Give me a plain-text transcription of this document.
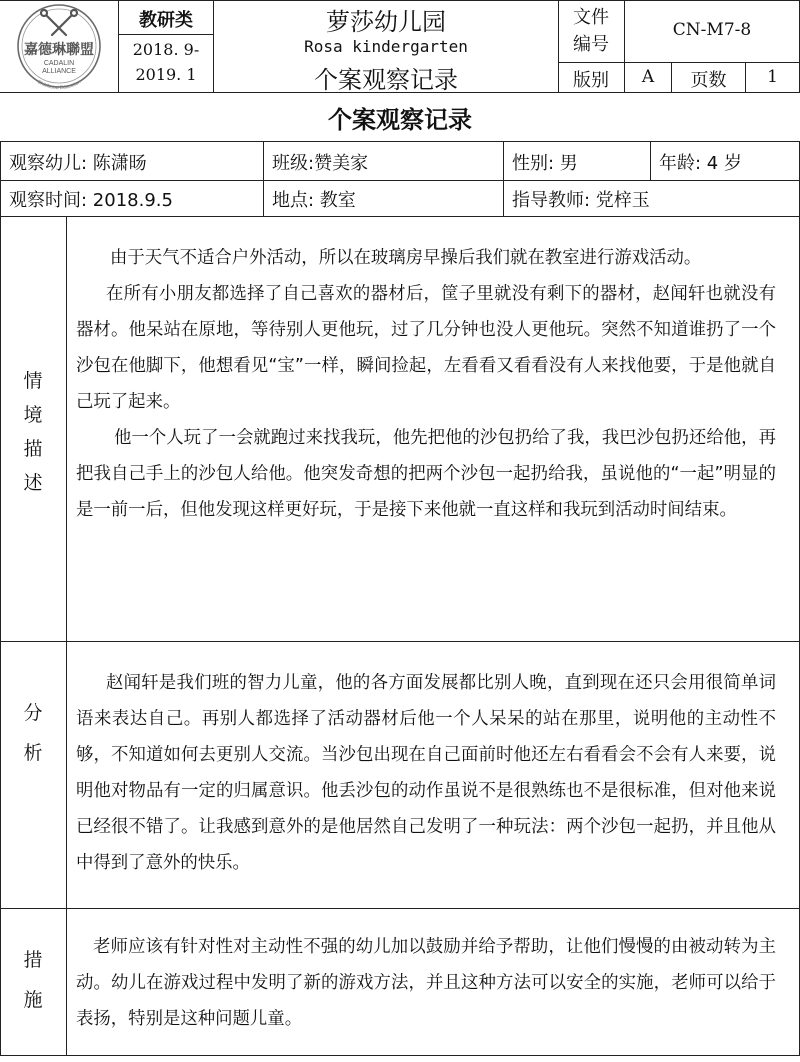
嘉德琳聯盟
CADALIN
ALLIANCE
Childhood Education
教研类
2018. 9-
2019. 1
萝莎幼儿园
Rosa kindergarten
个案观察记录
文件
编号
CN-M7-8
版别	A	页数	1
个案观察记录
观察幼儿: 陈潇旸	班级:赞美家	性别: 男	年龄: 4 岁
观察时间: 2018.9.5	地点: 教室	指导教师: 党梓玉
情
境
描
述

由于天气不适合户外活动，所以在玻璃房早操后我们就在教室进行游戏活动。

在所有小朋友都选择了自己喜欢的器材后，筐子里就没有剩下的器材，赵闻轩也就没有器材。他呆站在原地，等待别人更他玩，过了几分钟也没人更他玩。突然不知道谁扔了一个沙包在他脚下，他想看见“宝”一样，瞬间捡起，左看看又看看没有人来找他要，于是他就自己玩了起来。

他一个人玩了一会就跑过来找我玩，他先把他的沙包扔给了我，我巴沙包扔还给他，再把我自己手上的沙包人给他。他突发奇想的把两个沙包一起扔给我，虽说他的“一起”明显的是一前一后，但他发现这样更好玩，于是接下来他就一直这样和我玩到活动时间结束。

分
析

赵闻轩是我们班的智力儿童，他的各方面发展都比别人晚，直到现在还只会用很简单词语来表达自己。再别人都选择了活动器材后他一个人呆呆的站在那里，说明他的主动性不够，不知道如何去更别人交流。当沙包出现在自己面前时他还左右看看会不会有人来要，说明他对物品有一定的归属意识。他丢沙包的动作虽说不是很熟练也不是很标准，但对他来说已经很不错了。让我感到意外的是他居然自己发明了一种玩法：两个沙包一起扔，并且他从中得到了意外的快乐。

措
施

老师应该有针对性对主动性不强的幼儿加以鼓励并给予帮助，让他们慢慢的由被动转为主动。幼儿在游戏过程中发明了新的游戏方法，并且这种方法可以安全的实施，老师可以给于表扬，特别是这种问题儿童。
